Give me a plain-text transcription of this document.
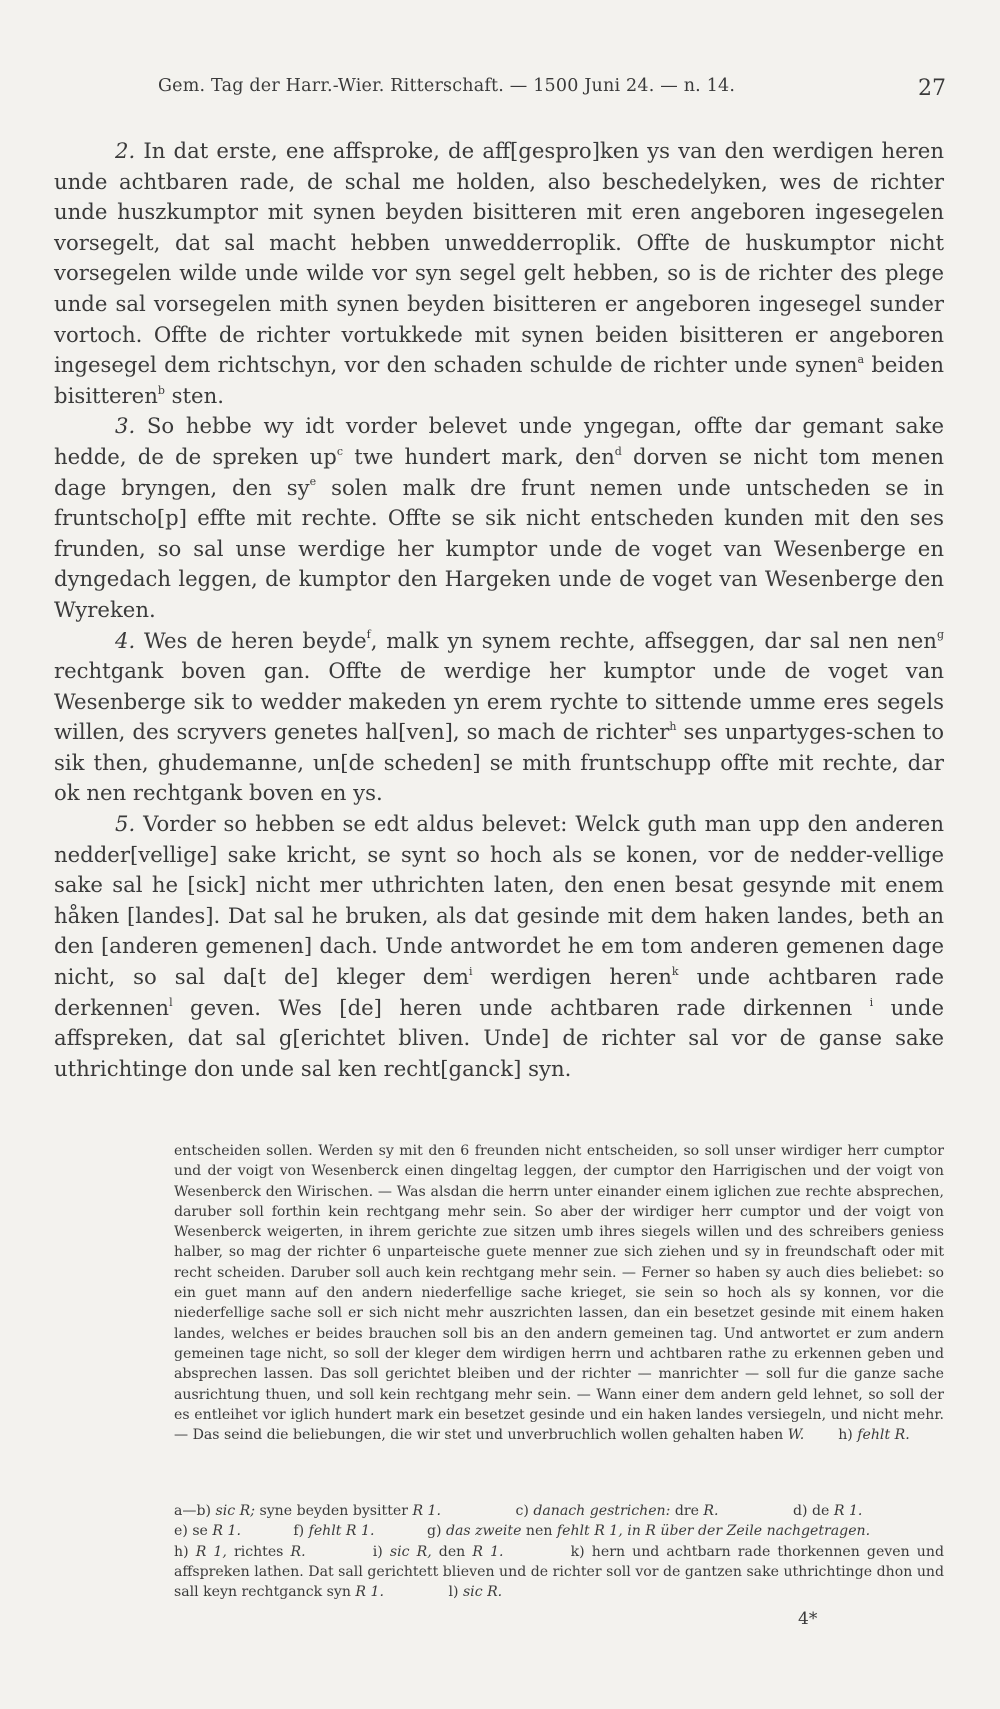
Gem. Tag der Harr.-Wier. Ritterschaft. — 1500 Juni 24. — n. 14.	27

2. In dat erste, ene affsproke, de aff[gespro]ken ys van den werdigen heren unde achtbaren rade, de schal me holden, also beschedelyken, wes de richter unde huszkumptor mit synen beyden bisitteren mit eren angeboren ingesegelen vorsegelt, dat sal macht hebben unwedderroplik. Offte de huskumptor nicht vorsegelen wilde unde wilde vor syn segel gelt hebben, so is de richter des plege unde sal vorsegelen mith synen beyden bisitteren er angeboren ingesegel sunder vortoch. Offte de richter vortukkede mit synen beiden bisitteren er angeboren ingesegel dem richtschyn, vor den schaden schulde de richter unde synen$^a$ beiden bisitteren$^b$ sten.

3. So hebbe wy idt vorder belevet unde yngegan, offte dar gemant sake hedde, de de spreken $up^c$ twe hundert mark, den$^d$ dorven se nicht tom menen dage bryngen, den $sy^e$ solen malk dre frunt nemen unde untscheden se in fruntscho[p] effte mit rechte. Offte se sik nicht entscheden kunden mit den ses frunden, so sal unse werdige her kumptor unde de voget van Wesenberge en dyngedach leggen, de kumptor den Hargeken unde de voget van Wesenberge den Wyreken.

4. Wes de heren beyde$^f$, malk yn synem rechte, affseggen, dar sal nen nen$^g$ rechtgank boven gan. Offte de werdige her kumptor unde de voget van Wesenberge sik to wedder makeden yn erem rychte to sittende umme eres segels willen, des scryvers genetes hal[ven], so mach de richter$^h$ ses unpartyges-schen to sik then, ghudemanne, un[de scheden] se mith fruntschupp offte mit rechte, dar ok nen rechtgank boven en ys.

5. Vorder so hebben se edt aldus belevet: Welck guth man upp den anderen nedder[vellige] sake kricht, se synt so hoch als se konen, vor de nedder-vellige sake sal he [sick] nicht mer uthrichten laten, den enen besat gesynde mit enem håken [landes]. Dat sal he bruken, als dat gesinde mit dem haken landes, beth an den [anderen gemenen] dach. Unde antwordet he em tom anderen gemenen dage nicht, so sal da[t de] kleger dem$^i$ werdigen heren$^k$ unde achtbaren rade derkennen$^l$ geven. Wes [de] heren unde achtbaren rade dirkennen $^i$ unde affspreken, dat sal g[erichtet bliven. Unde] de richter sal vor de ganse sake uthrichtinge don unde sal ken recht[ganck] syn.

entscheiden sollen. Werden sy mit den 6 freunden nicht entscheiden, so soll unser wirdiger herr cumptor und der voigt von Wesenberck einen dingeltag leggen, der cumptor den Harrigischen und der voigt von Wesenberck den Wirischen. — Was alsdan die herrn unter einander einem iglichen zue rechte absprechen, daruber soll forthin kein rechtgang mehr sein. So aber der wirdiger herr cumptor und der voigt von Wesenberck weigerten, in ihrem gerichte zue sitzen umb ihres siegels willen und des schreibers geniess halber, so mag der richter 6 unparteische guete menner zue sich ziehen und sy in freundschaft oder mit recht scheiden. Daruber soll auch kein rechtgang mehr sein. — Ferner so haben sy auch dies beliebet: so ein guet mann auf den andern niederfellige sache krieget, sie sein so hoch als sy konnen, vor die niederfellige sache soll er sich nicht mehr auszrichten lassen, dan ein besetzet gesinde mit einem haken landes, welches er beides brauchen soll bis an den andern gemeinen tag. Und antwortet er zum andern gemeinen tage nicht, so soll der kleger dem wirdigen herrn und achtbaren rathe zu erkennen geben und absprechen lassen. Das soll gerichtet bleiben und der richter — manrichter — soll fur die ganze sache ausrichtung thuen, und soll kein rechtgang mehr sein. — Wann einer dem andern geld lehnet, so soll der es entleihet vor iglich hundert mark ein besetzet gesinde und ein haken landes versiegeln, und nicht mehr. — Das seind die beliebungen, die wir stet und unverbruchlich wollen gehalten haben W. h) fehlt R.

a—b) sic R; syne beyden bysitter R 1.	c) danach gestrichen: dre R.	d) de R 1.

e) se R 1.	f) fehlt R 1.	g) das zweite nen fehlt R 1, in R über der Zeile nachgetragen.

h) R 1, richtes R.	i) sic R, den R 1.	k) hern und achtbarn rade thorkennen geven und affspreken lathen. Dat sall gerichtett blieven und de richter soll vor de gantzen sake uthrichtinge dhon und sall keyn rechtganck syn R 1.	l) sic R.

4*
